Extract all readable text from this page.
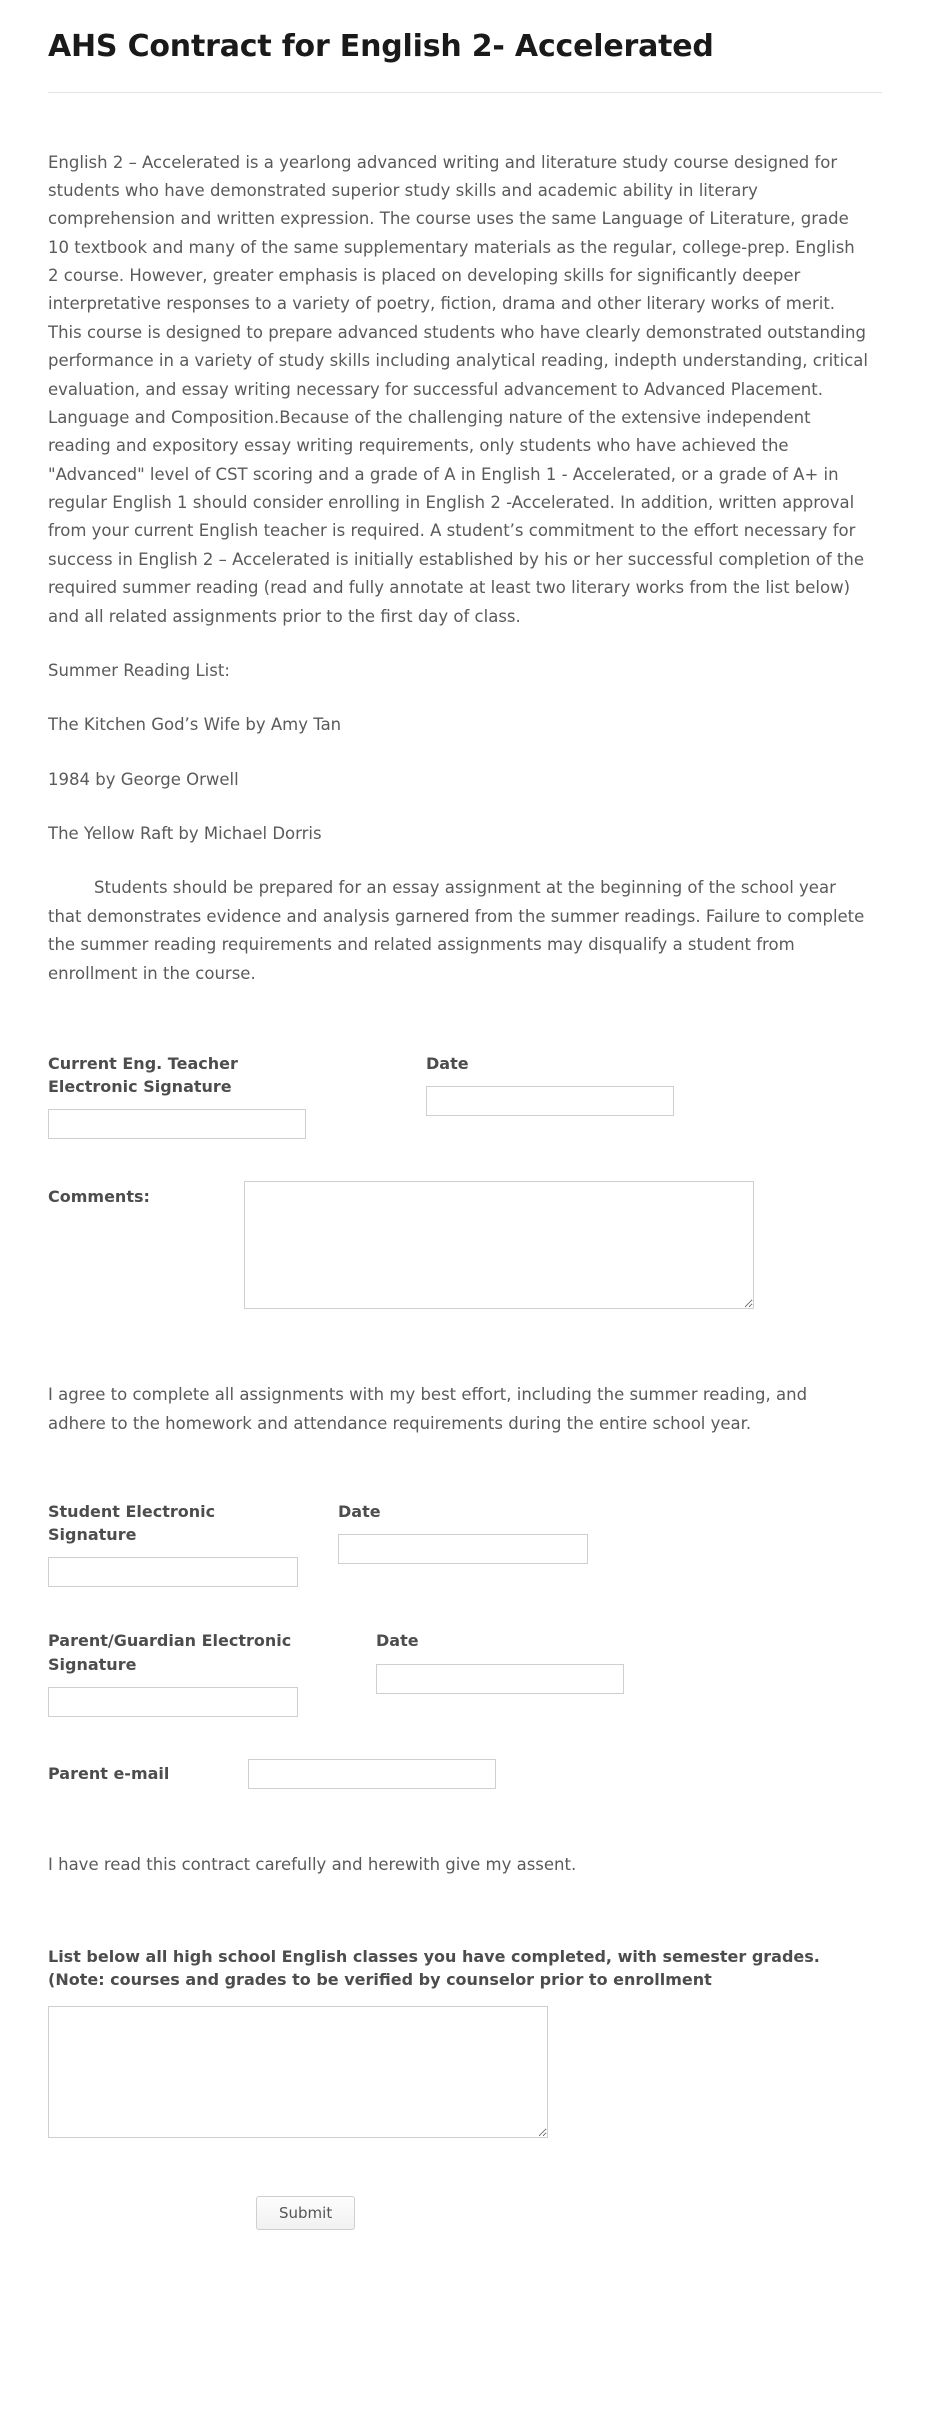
AHS Contract for English 2- Accelerated

English 2 – Accelerated is a yearlong advanced writing and literature study course designed for students who have demonstrated superior study skills and academic ability in literary comprehension and written expression. The course uses the same Language of Literature, grade 10 textbook and many of the same supplementary materials as the regular, college-prep. English 2 course. However, greater emphasis is placed on developing skills for significantly deeper interpretative responses to a variety of poetry, fiction, drama and other literary works of merit. This course is designed to prepare advanced students who have clearly demonstrated outstanding performance in a variety of study skills including analytical reading, indepth understanding, critical evaluation, and essay writing necessary for successful advancement to Advanced Placement. Language and Composition.Because of the challenging nature of the extensive independent reading and expository essay writing requirements, only students who have achieved the "Advanced" level of CST scoring and a grade of A in English 1 - Accelerated, or a grade of A+ in regular English 1 should consider enrolling in English 2 -Accelerated. In addition, written approval from your current English teacher is required. A student’s commitment to the effort necessary for success in English 2 – Accelerated is initially established by his or her successful completion of the required summer reading (read and fully annotate at least two literary works from the list below) and all related assignments prior to the first day of class.

Summer Reading List:

The Kitchen God’s Wife by Amy Tan

1984 by George Orwell

The Yellow Raft by Michael Dorris

Students should be prepared for an essay assignment at the beginning of the school year that demonstrates evidence and analysis garnered from the summer readings. Failure to complete the summer reading requirements and related assignments may disqualify a student from enrollment in the course.

Current Eng. Teacher Electronic Signature
Date
Comments:

I agree to complete all assignments with my best effort, including the summer reading, and adhere to the homework and attendance requirements during the entire school year.

Student Electronic Signature
Date
Parent/Guardian Electronic Signature
Date
Parent e-mail

I have read this contract carefully and herewith give my assent.

List below all high school English classes you have completed, with semester grades. (Note: courses and grades to be verified by counselor prior to enrollment
Submit
